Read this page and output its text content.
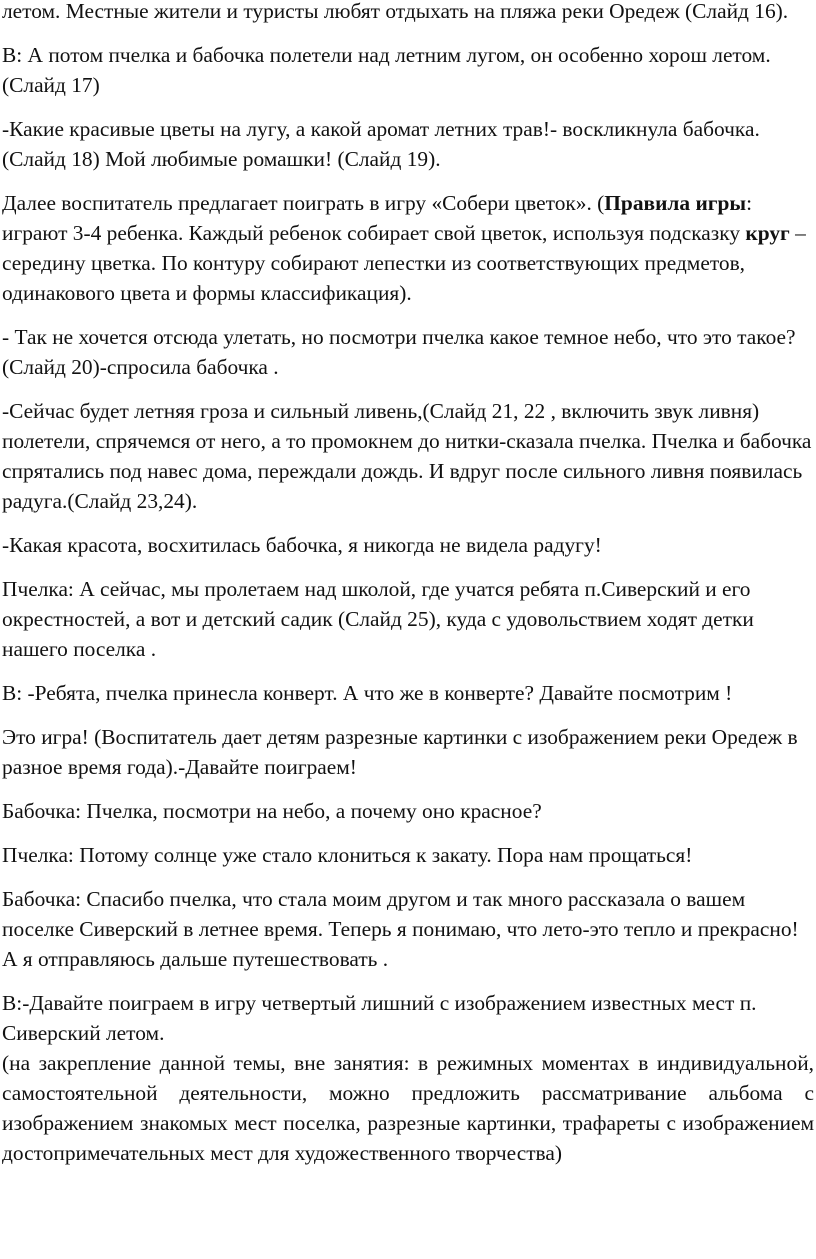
летом. Местные жители и туристы любят отдыхать на пляжа реки Оредеж (Слайд 16).

В: А потом пчелка и бабочка полетели над летним лугом, он особенно хорош летом.(Слайд 17)

-Какие красивые цветы на лугу, а какой аромат летних трав!- воскликнула бабочка. (Слайд 18) Мой любимые ромашки! (Слайд 19).

Далее воспитатель предлагает поиграть в игру «Собери цветок». (Правила игры: играют 3-4 ребенка. Каждый ребенок собирает свой цветок, используя подсказку круг – середину цветка. По контуру собирают лепестки из соответствующих предметов, одинакового цвета и формы классификация).

- Так не хочется отсюда улетать, но посмотри пчелка какое темное небо, что это такое? (Слайд 20)-спросила бабочка .

-Сейчас будет летняя гроза и сильный ливень,(Слайд 21, 22 , включить звук ливня) полетели, спрячемся от него, а то промокнем до нитки-сказала пчелка. Пчелка и бабочка спрятались под навес дома, переждали дождь. И вдруг после сильного ливня появилась радуга.(Слайд 23,24).

-Какая красота, восхитилась бабочка, я никогда не видела радугу!

Пчелка: А сейчас, мы пролетаем над школой, где учатся ребята п.Сиверский и его окрестностей, а вот и детский садик (Слайд 25), куда с удовольствием ходят детки нашего поселка .

В: -Ребята, пчелка принесла конверт. А что же в конверте? Давайте посмотрим !

Это игра! (Воспитатель дает детям разрезные картинки с изображением реки Оредеж в разное время года).-Давайте поиграем!

Бабочка: Пчелка, посмотри на небо, а почему оно красное?

Пчелка: Потому солнце уже стало клониться к закату. Пора нам прощаться!

Бабочка: Спасибо пчелка, что стала моим другом и так много рассказала о вашем поселке Сиверский в летнее время. Теперь я понимаю, что лето-это тепло и прекрасно! А я отправляюсь дальше путешествовать .

В:-Давайте поиграем в игру четвертый лишний с изображением известных мест п. Сиверский летом.

(на закрепление данной темы, вне занятия: в режимных моментах в индивидуальной, самостоятельной деятельности, можно предложить рассматривание альбома с изображением знакомых мест поселка, разрезные картинки, трафареты с изображением достопримечательных мест для художественного творчества)
